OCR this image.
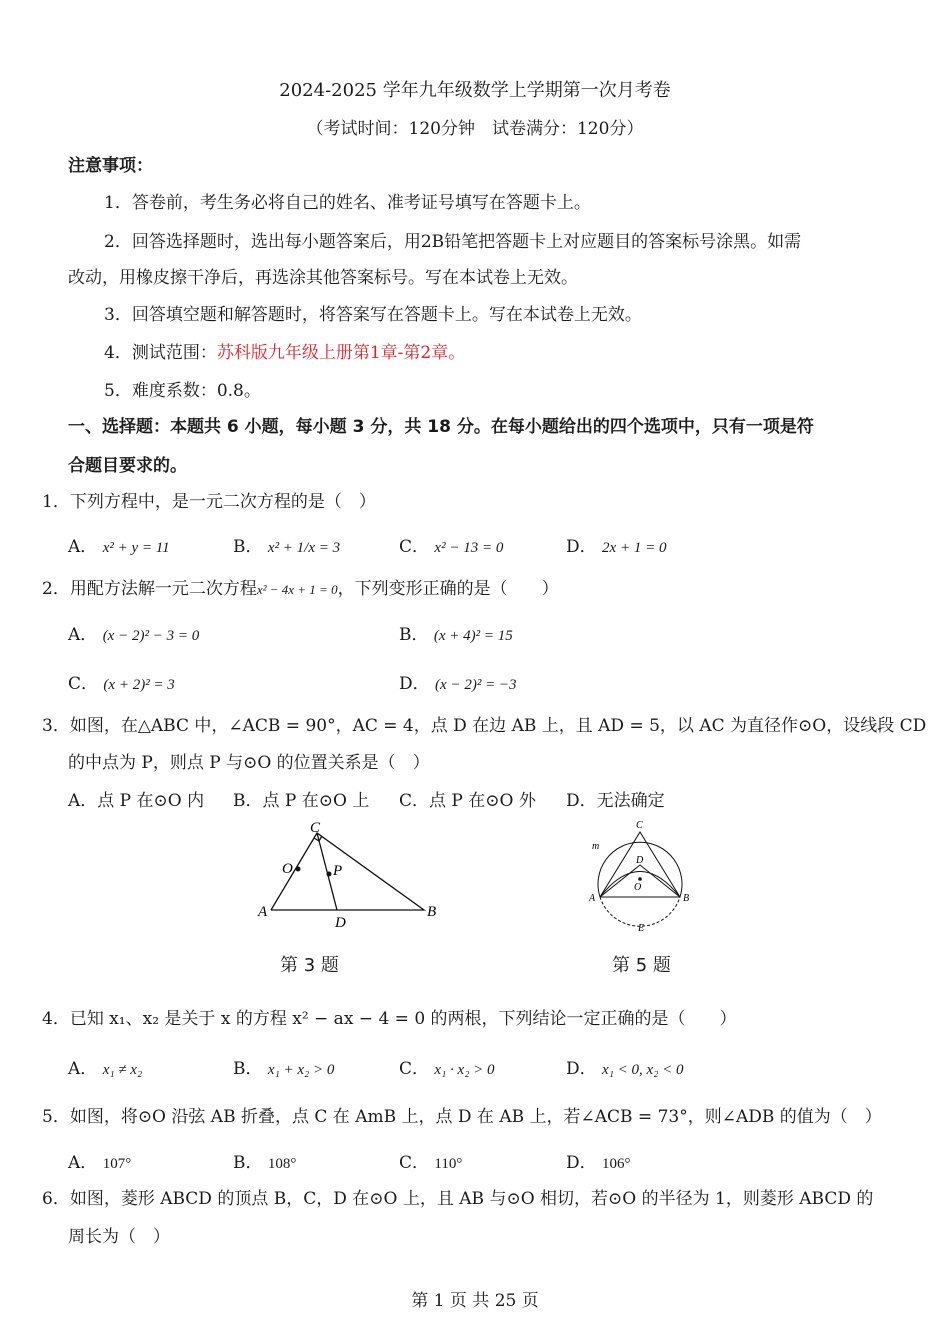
2024-2025 学年九年级数学上学期第一次月考卷
（考试时间：120分钟　试卷满分：120分）
注意事项：
1．答卷前，考生务必将自己的姓名、准考证号填写在答题卡上。
2．回答选择题时，选出每小题答案后，用2B铅笔把答题卡上对应题目的答案标号涂黑。如需
改动，用橡皮擦干净后，再选涂其他答案标号。写在本试卷上无效。
3．回答填空题和解答题时，将答案写在答题卡上。写在本试卷上无效。
4．测试范围：苏科版九年级上册第1章-第2章。
5．难度系数：0.8。
一、选择题：本题共 6 小题，每小题 3 分，共 18 分。在每小题给出的四个选项中，只有一项是符
合题目要求的。
1．下列方程中，是一元二次方程的是（　）
A． x² + y = 11	B． x² + 1/x = 3	C． x² − 13 = 0	D． 2x + 1 = 0
2．用配方法解一元二次方程x² − 4x + 1 = 0，下列变形正确的是（　　）
A． (x − 2)² − 3 = 0	B． (x + 4)² = 15
C． (x + 2)² = 3	D． (x − 2)² = −3
3．如图，在△ABC 中，∠ACB = 90°，AC = 4，点 D 在边 AB 上，且 AD = 5，以 AC 为直径作⊙O，设线段 CD
的中点为 P，则点 P 与⊙O 的位置关系是（　）
A．点 P 在⊙O 内 B．点 P 在⊙O 上 C．点 P 在⊙O 外 D．无法确定
C
O	P
A
D
B
第 3 题
C
m
D
O
A	B
E
第 5 题
4．已知 x₁、x₂ 是关于 x 的方程 x² − ax − 4 = 0 的两根，下列结论一定正确的是（　　）
A． x₁ ≠ x₂	B． x₁ + x₂ > 0	C． x₁ · x₂ > 0	D． x₁ < 0, x₂ < 0
5．如图，将⊙O 沿弦 AB 折叠，点 C 在 AmB 上，点 D 在 AB 上，若∠ACB = 73°，则∠ADB 的值为（　）
A． 107°	B． 108°	C． 110°	D． 106°
6．如图，菱形 ABCD 的顶点 B，C，D 在⊙O 上，且 AB 与⊙O 相切，若⊙O 的半径为 1，则菱形 ABCD 的
周长为（　）
第 1 页 共 25 页
